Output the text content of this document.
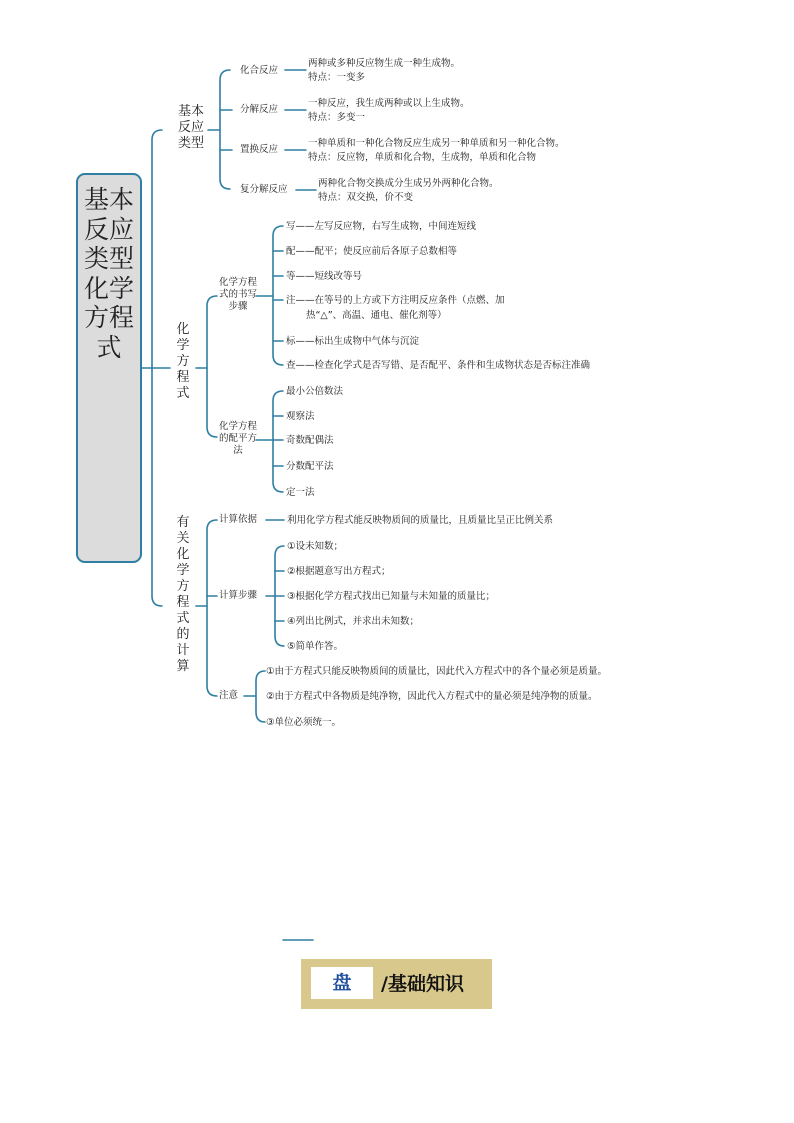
基本反应类型 化学方程式
基本反应类型
化合反应
两种或多种反应物生成一种生成物。
特点：一变多
分解反应
一种反应，我生成两种或以上生成物。
特点：多变一
置换反应
一种单质和一种化合物反应生成另一种单质和另一种化合物。
特点：反应物，单质和化合物，生成物，单质和化合物
复分解反应
两种化合物交换成分生成另外两种化合物。
特点：双交换，价不变
化学方程式
化学方程式的书写步骤
写——左写反应物，右写生成物，中间连短线
配——配平；使反应前后各原子总数相等
等——短线改等号
注——在等号的上方或下方注明反应条件（点燃、加
热“△”、高温、通电、催化剂等）
标——标出生成物中气体与沉淀
查——检查化学式是否写错、是否配平、条件和生成物状态是否标注准确
化学方程的配平方法
最小公倍数法
观察法
奇数配偶法
分数配平法
定一法
有关化学方程式的计算
计算依据	利用化学方程式能反映物质间的质量比，且质量比呈正比例关系
计算步骤
①设未知数；
②根据题意写出方程式；
③根据化学方程式找出已知量与未知量的质量比；
④列出比例式，并求出未知数；
⑤简单作答。
注意
①由于方程式只能反映物质间的质量比，因此代入方程式中的各个量必须是质量。
②由于方程式中各物质是纯净物，因此代入方程式中的量必须是纯净物的质量。
③单位必须统一。
盘	/基础知识
